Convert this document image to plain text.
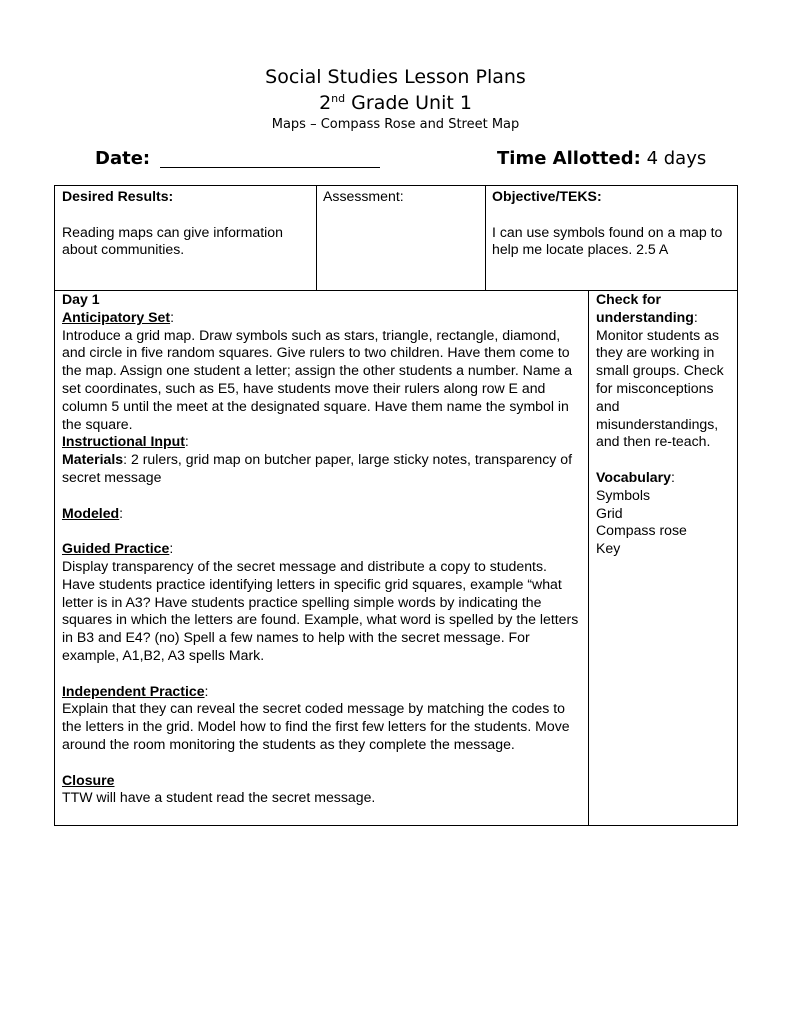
Social Studies Lesson Plans
2nd Grade Unit 1
Maps – Compass Rose and Street Map
Date:	Time Allotted: 4 days

Desired Results:

Reading maps can give information about communities.

Assessment:	Objective/TEKS:

I can use symbols found on a map to help me locate places. 2.5 A

Day 1

Anticipatory Set:

Introduce a grid map. Draw symbols such as stars, triangle, rectangle, diamond, and circle in five random squares. Give rulers to two children. Have them come to the map. Assign one student a letter; assign the other students a number. Name a set coordinates, such as E5, have students move their rulers along row E and column 5 until the meet at the designated square. Have them name the symbol in the square.

Instructional Input:

Materials: 2 rulers, grid map on butcher paper, large sticky notes, transparency of secret message

Modeled:

Guided Practice:

Display transparency of the secret message and distribute a copy to students. Have students practice identifying letters in specific grid squares, example “what letter is in A3? Have students practice spelling simple words by indicating the squares in which the letters are found. Example, what word is spelled by the letters in B3 and E4? (no) Spell a few names to help with the secret message. For example, A1,B2, A3 spells Mark.

Independent Practice:

Explain that they can reveal the secret coded message by matching the codes to the letters in the grid. Model how to find the first few letters for the students. Move around the room monitoring the students as they complete the message.

Closure

TTW will have a student read the secret message.

Check for understanding:

Monitor students as they are working in small groups. Check for misconceptions and misunderstandings, and then re-teach.

Vocabulary:

Symbols

Grid

Compass rose

Key
